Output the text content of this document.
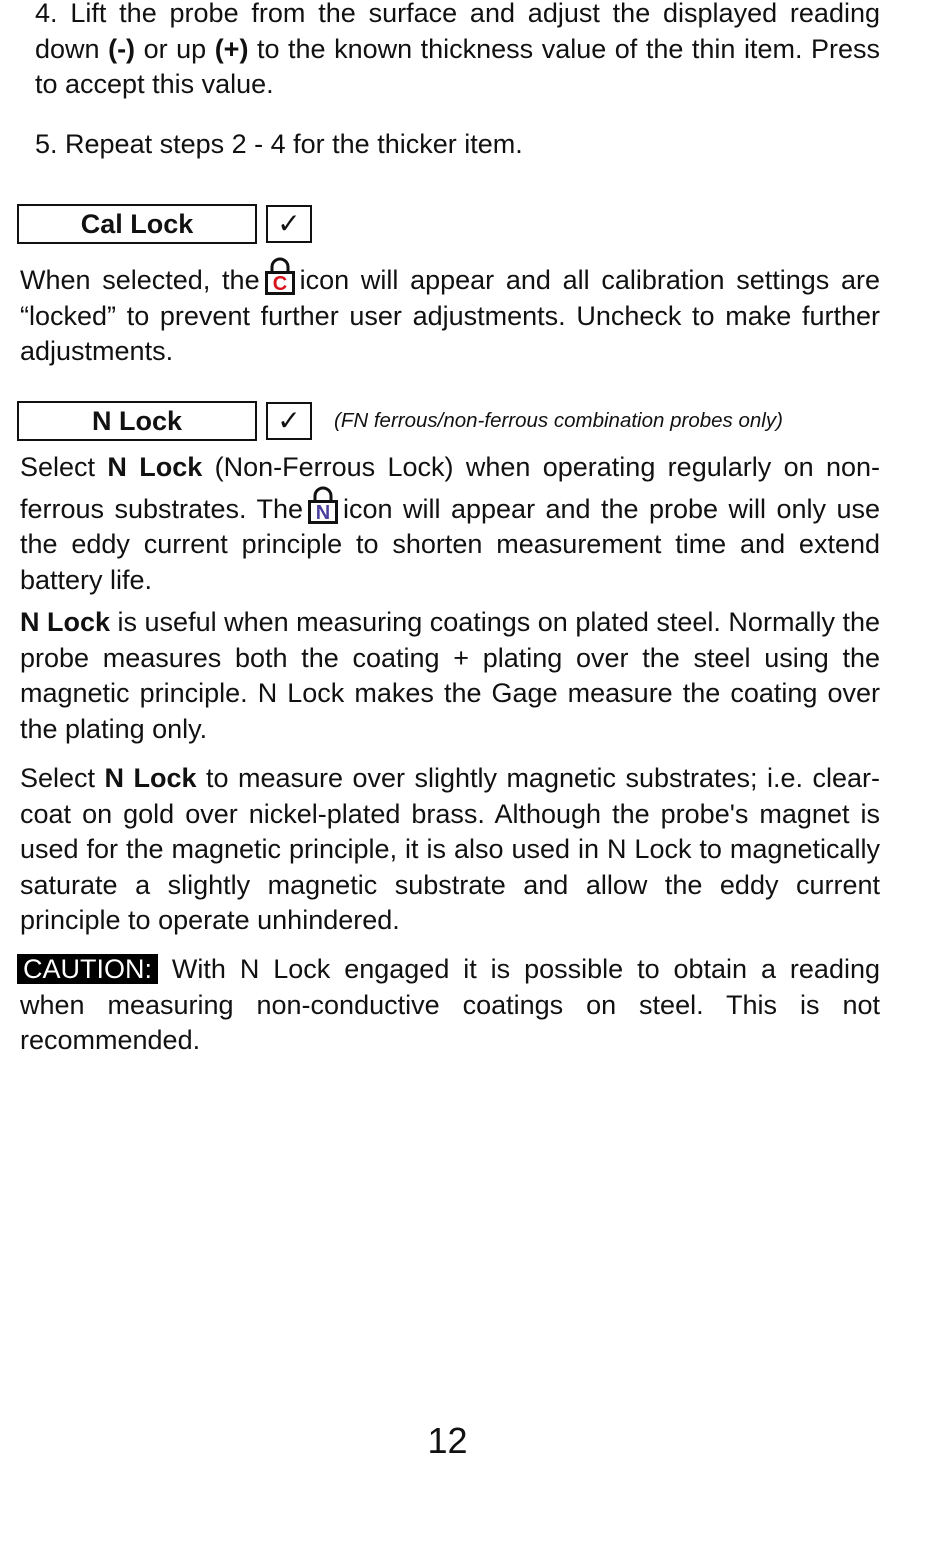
4. Lift the probe from the surface and adjust the displayed reading down (-) or up (+) to the known thickness value of the thin item. Press to accept this value.

5. Repeat steps 2 - 4 for the thicker item.

Cal Lock	✓

When selected, the C icon will appear and all calibration settings are “locked” to prevent further user adjustments. Uncheck to make further adjustments.

N Lock	✓ (FN ferrous/non-ferrous combination probes only)

Select N Lock (Non-Ferrous Lock) when operating regularly on non-ferrous substrates. The N icon will appear and the probe will only use the eddy current principle to shorten measurement time and extend battery life.

N Lock is useful when measuring coatings on plated steel. Normally the probe measures both the coating + plating over the steel using the magnetic principle. N Lock makes the Gage measure the coating over the plating only.

Select N Lock to measure over slightly magnetic substrates; i.e. clear-coat on gold over nickel-plated brass. Although the probe's magnet is used for the magnetic principle, it is also used in N Lock to magnetically saturate a slightly magnetic substrate and allow the eddy current principle to operate unhindered.

CAUTION: With N Lock engaged it is possible to obtain a reading when measuring non-conductive coatings on steel. This is not recommended.

12
